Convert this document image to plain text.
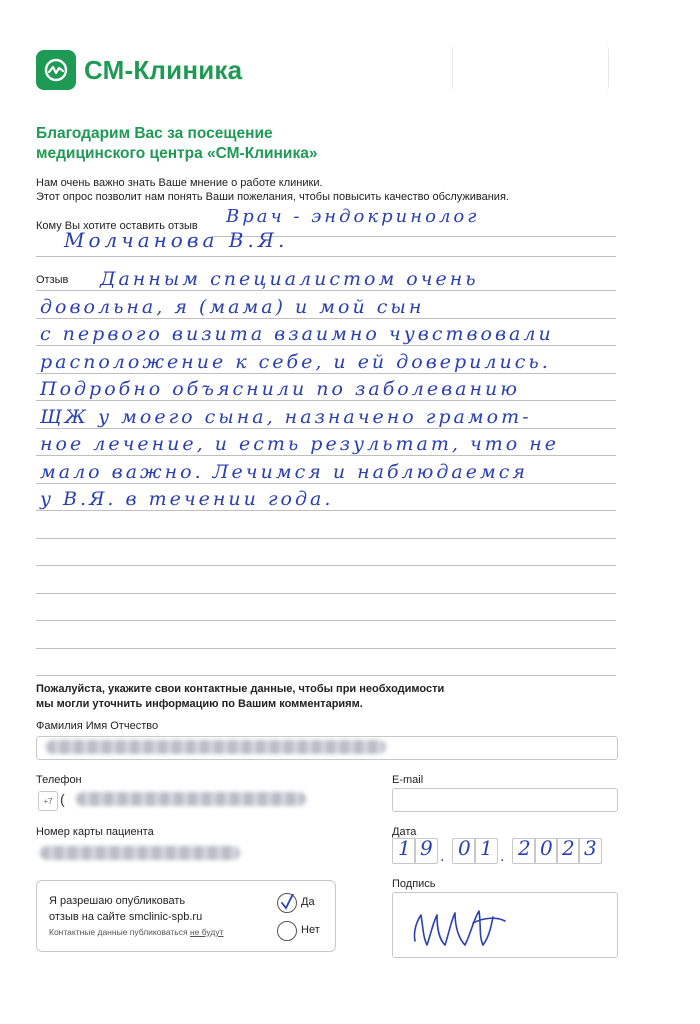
СМ-Клиника
Благодарим Вас за посещение
медицинского центра «СМ-Клиника»
Нам очень важно знать Ваше мнение о работе клиники.
Этот опрос позволит нам понять Ваши пожелания, чтобы повысить качество обслуживания.
Кому Вы хотите оставить отзыв Врач - эндокринолог
Молчанова В.Я.
Отзыв Данным специалистом очень
довольна, я (мама) и мой сын
с первого визита взаимно чувствовали
расположение к себе, и ей доверились.
Подробно объяснили по заболеванию
ЩЖ у моего сына, назначено грамот-
ное лечение, и есть результат, что не
мало важно. Лечимся и наблюдаемся
у В.Я. в течении года.
Пожалуйста, укажите свои контактные данные, чтобы при необходимости
мы могли уточнить информацию по Вашим комментариям.
Фамилия Имя Отчество
Телефон
+7 (
E-mail
Номер карты пациента	Дата
1 9 0 1 2 0 2 3
.	.
Я разрешаю опубликовать
отзыв на сайте smclinic-spb.ru
Контактные данные публиковаться не будут
Да
Нет
Подпись
